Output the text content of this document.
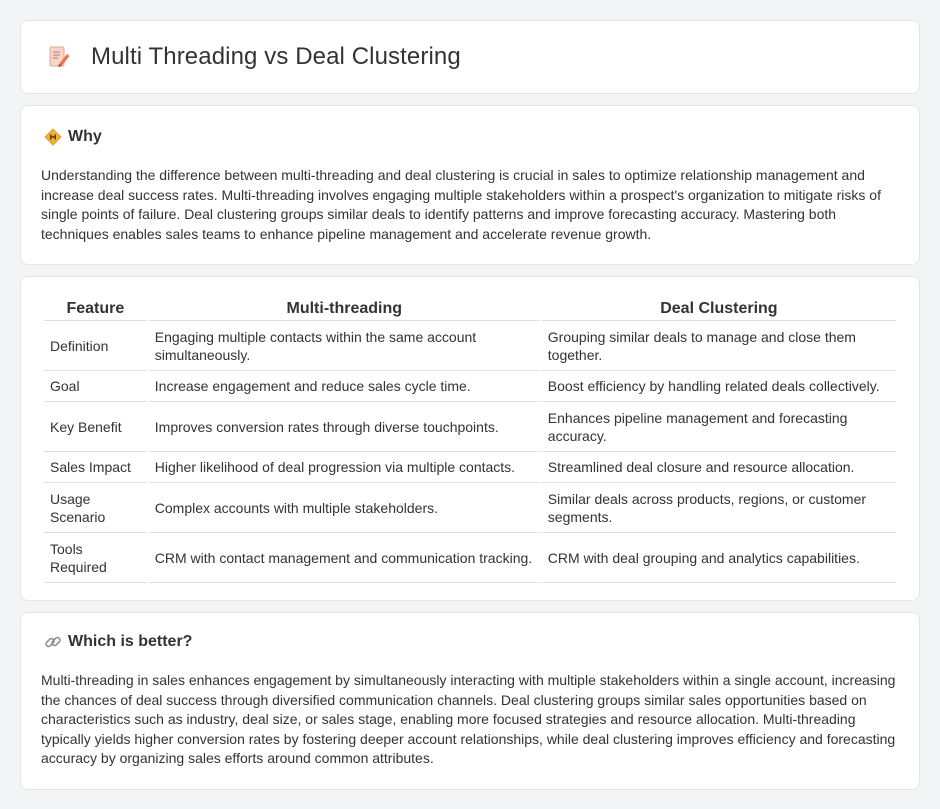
Multi Threading vs Deal Clustering
Why

Understanding the difference between multi-threading and deal clustering is crucial in sales to optimize relationship management and increase deal success rates. Multi-threading involves engaging multiple stakeholders within a prospect's organization to mitigate risks of single points of failure. Deal clustering groups similar deals to identify patterns and improve forecasting accuracy. Mastering both techniques enables sales teams to enhance pipeline management and accelerate revenue growth.

Feature	Multi-threading	Deal Clustering
Definition	Engaging multiple contacts within the same account simultaneously.	Grouping similar deals to manage and close them together.
Goal	Increase engagement and reduce sales cycle time.	Boost efficiency by handling related deals collectively.
Key Benefit	Improves conversion rates through diverse touchpoints.	Enhances pipeline management and forecasting accuracy.
Sales Impact	Higher likelihood of deal progression via multiple contacts.	Streamlined deal closure and resource allocation.
Usage Scenario	Complex accounts with multiple stakeholders.	Similar deals across products, regions, or customer segments.
Tools Required	CRM with contact management and communication tracking.	CRM with deal grouping and analytics capabilities.
Which is better?

Multi-threading in sales enhances engagement by simultaneously interacting with multiple stakeholders within a single account, increasing the chances of deal success through diversified communication channels. Deal clustering groups similar sales opportunities based on characteristics such as industry, deal size, or sales stage, enabling more focused strategies and resource allocation. Multi-threading typically yields higher conversion rates by fostering deeper account relationships, while deal clustering improves efficiency and forecasting accuracy by organizing sales efforts around common attributes.
